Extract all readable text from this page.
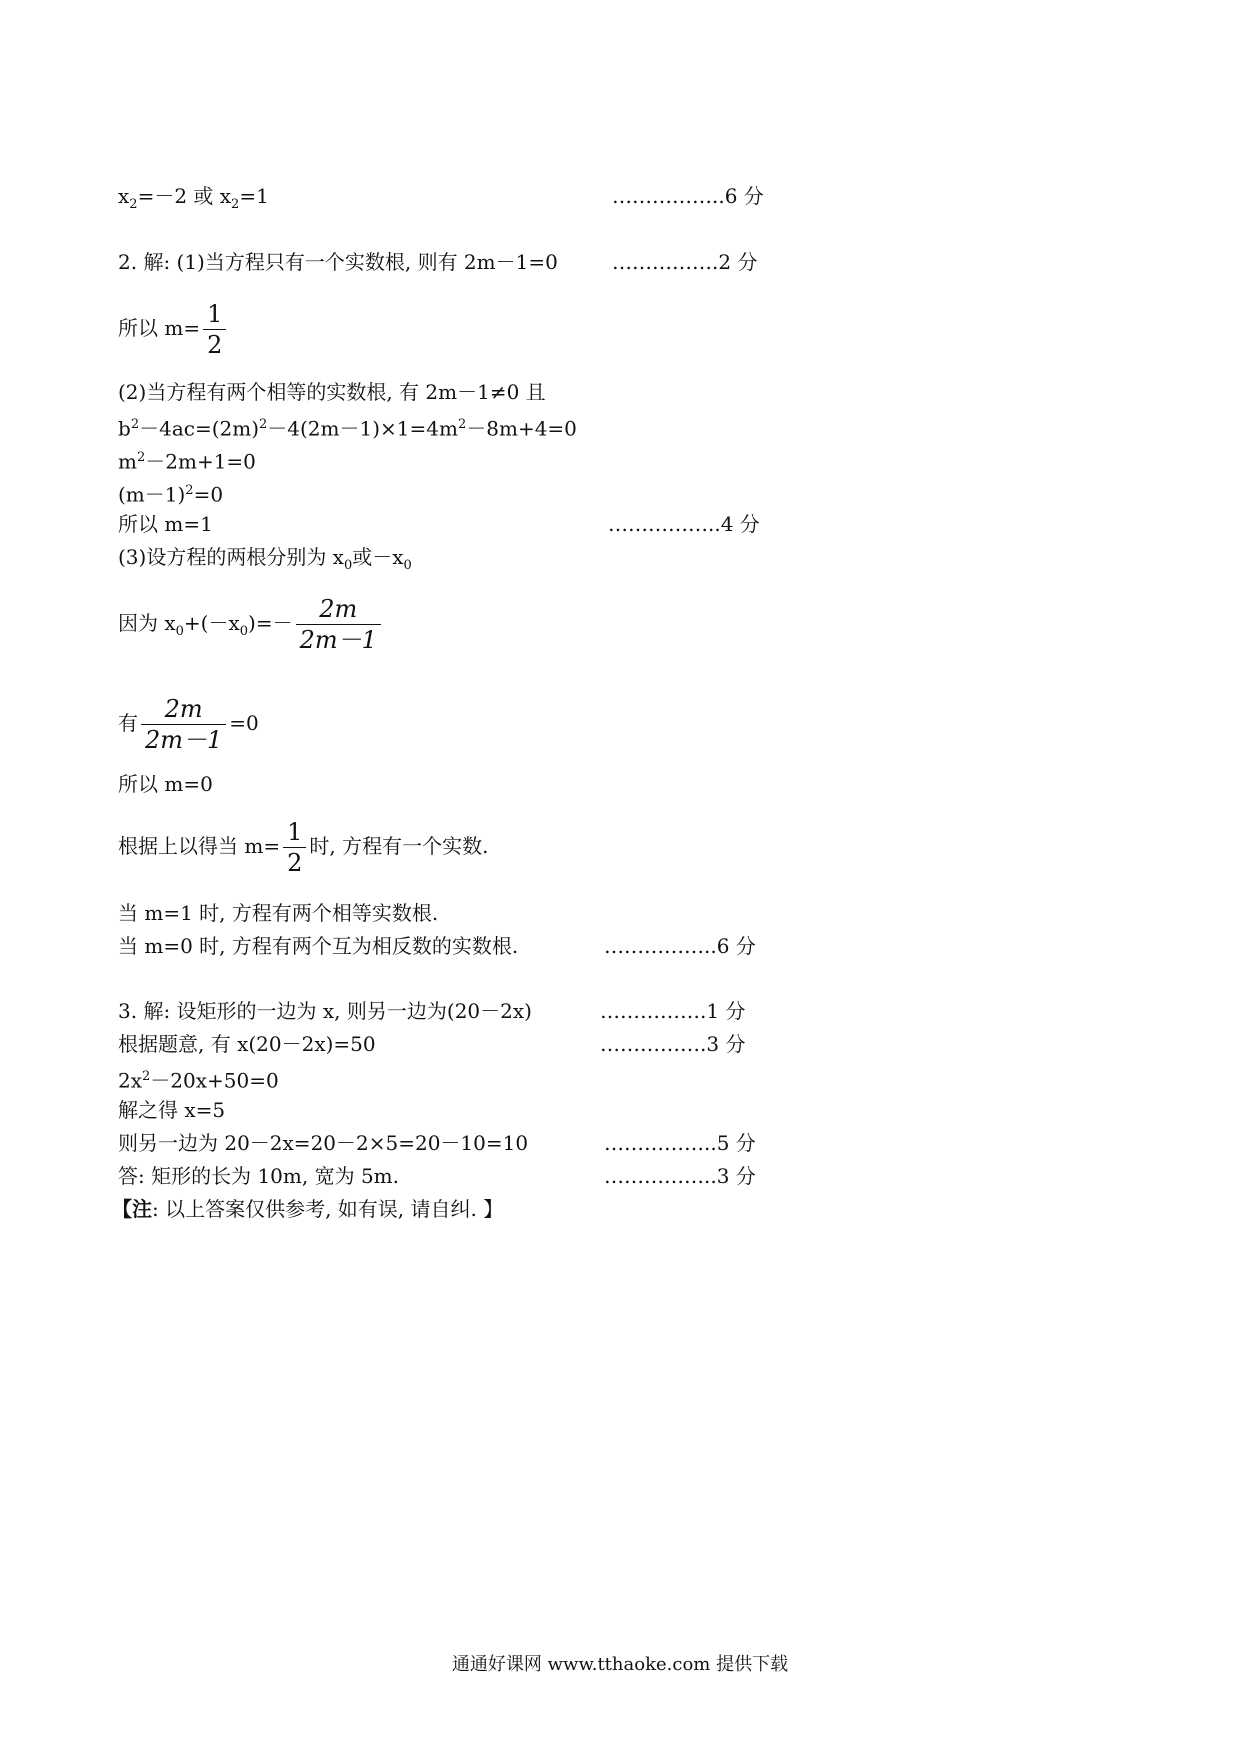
$x_2=-2$ 或 $x_2=1$	……………..6 分
2. 解: (1)当方程只有一个实数根, 则有 2m－1=0	…………….2 分
所以 $m= \frac{1}{2}$
(2)当方程有两个相等的实数根, 有 2m－1≠0 且
$b^2-4ac=(2m)^2-4(2m-1)\times 1=4m^2-8m+4=0$
$m^2-2m+1=0$
$(m-1)^2=0$
所以 m=1	……………..4 分
(3)设方程的两根分别为 $x_0$或$-x_0$
因为 $x_0+(-x_0)=- \frac{2m}{2m-1}$
有 $\frac{2m}{2m-1} =0$
所以 m=0
根据上以得当 $m= \frac{1}{2}$ 时, 方程有一个实数.
当 m=1 时, 方程有两个相等实数根.
当 m=0 时, 方程有两个互为相反数的实数根.	……………..6 分
3. 解: 设矩形的一边为 x, 则另一边为(20－2x)	…………….1 分
根据题意, 有 x(20－2x)=50	…………….3 分
$2x^2-20x+50=0$
解之得 x=5
则另一边为 20－2x=20－2×5=20－10=10	……………..5 分
答: 矩形的长为 10m, 宽为 5m.	……………..3 分
【注: 以上答案仅供参考, 如有误, 请自纠. 】
通通好课网 www.tthaoke.com 提供下载
